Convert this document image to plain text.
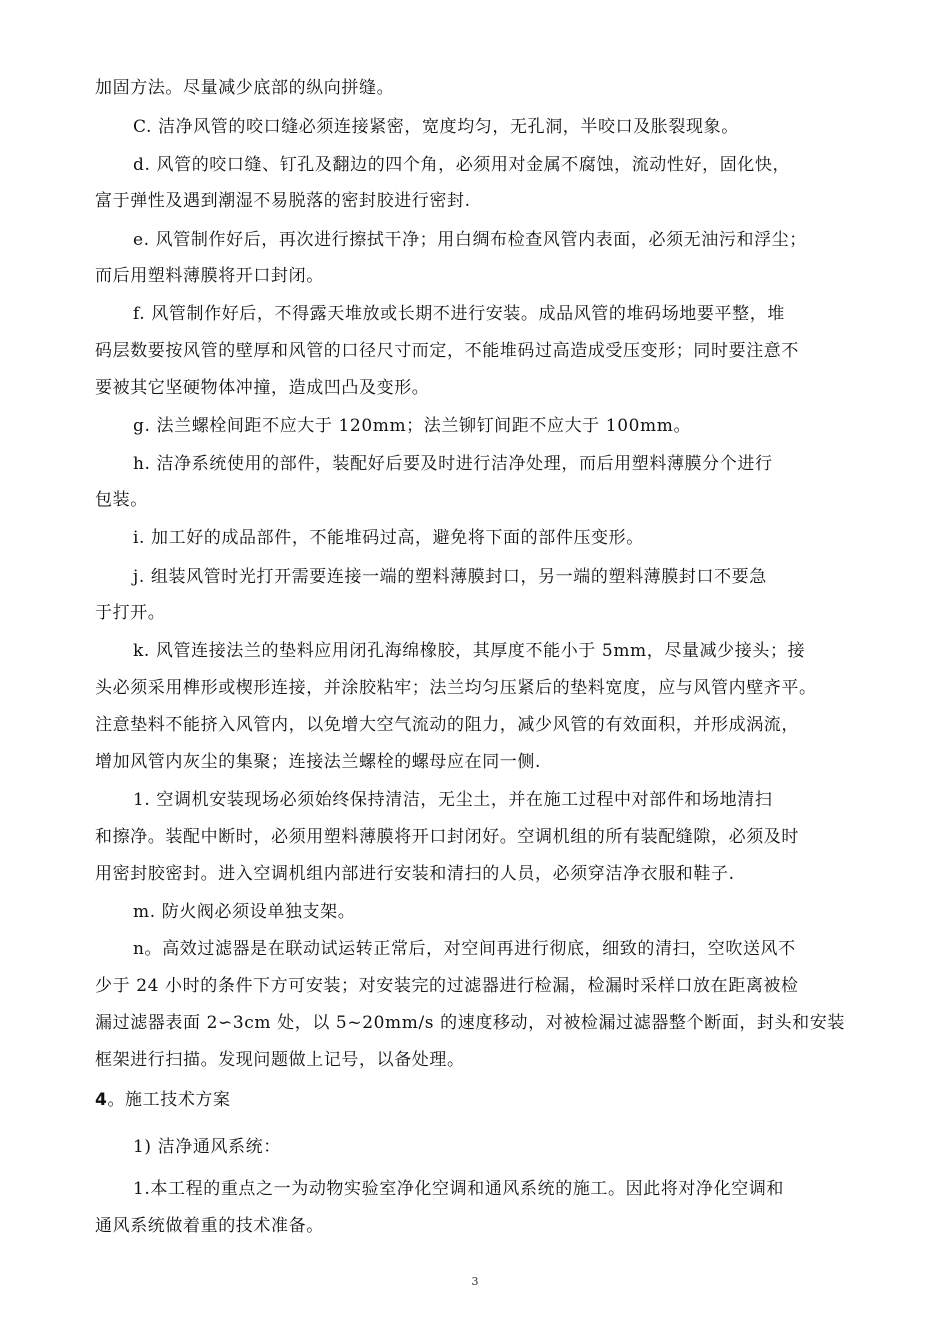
加固方法。尽量减少底部的纵向拼缝。
C. 洁净风管的咬口缝必须连接紧密，宽度均匀，无孔洞，半咬口及胀裂现象。
d. 风管的咬口缝、钉孔及翻边的四个角，必须用对金属不腐蚀，流动性好，固化快，
富于弹性及遇到潮湿不易脱落的密封胶进行密封.
e. 风管制作好后，再次进行擦拭干净；用白绸布检查风管内表面，必须无油污和浮尘；
而后用塑料薄膜将开口封闭。
f. 风管制作好后，不得露天堆放或长期不进行安装。成品风管的堆码场地要平整，堆
码层数要按风管的壁厚和风管的口径尺寸而定，不能堆码过高造成受压变形；同时要注意不
要被其它坚硬物体冲撞，造成凹凸及变形。
g. 法兰螺栓间距不应大于 120mm；法兰铆钉间距不应大于 100mm。
h. 洁净系统使用的部件，装配好后要及时进行洁净处理，而后用塑料薄膜分个进行
包装。
i. 加工好的成品部件，不能堆码过高，避免将下面的部件压变形。
j. 组装风管时光打开需要连接一端的塑料薄膜封口，另一端的塑料薄膜封口不要急
于打开。
k. 风管连接法兰的垫料应用闭孔海绵橡胶，其厚度不能小于 5mm，尽量减少接头；接
头必须采用榫形或楔形连接，并涂胶粘牢；法兰均匀压紧后的垫料宽度，应与风管内壁齐平。
注意垫料不能挤入风管内，以免增大空气流动的阻力，减少风管的有效面积，并形成涡流，
增加风管内灰尘的集聚；连接法兰螺栓的螺母应在同一侧.
1. 空调机安装现场必须始终保持清洁，无尘土，并在施工过程中对部件和场地清扫
和擦净。装配中断时，必须用塑料薄膜将开口封闭好。空调机组的所有装配缝隙，必须及时
用密封胶密封。进入空调机组内部进行安装和清扫的人员，必须穿洁净衣服和鞋子.
m. 防火阀必须设单独支架。
n。高效过滤器是在联动试运转正常后，对空间再进行彻底，细致的清扫，空吹送风不
少于 24 小时的条件下方可安装；对安装完的过滤器进行检漏，检漏时采样口放在距离被检
漏过滤器表面 2∽3cm 处，以 5~20mm/s 的速度移动，对被检漏过滤器整个断面，封头和安装
框架进行扫描。发现问题做上记号，以备处理。
4。施工技术方案
1) 洁净通风系统：
1.本工程的重点之一为动物实验室净化空调和通风系统的施工。因此将对净化空调和
通风系统做着重的技术准备。
3
